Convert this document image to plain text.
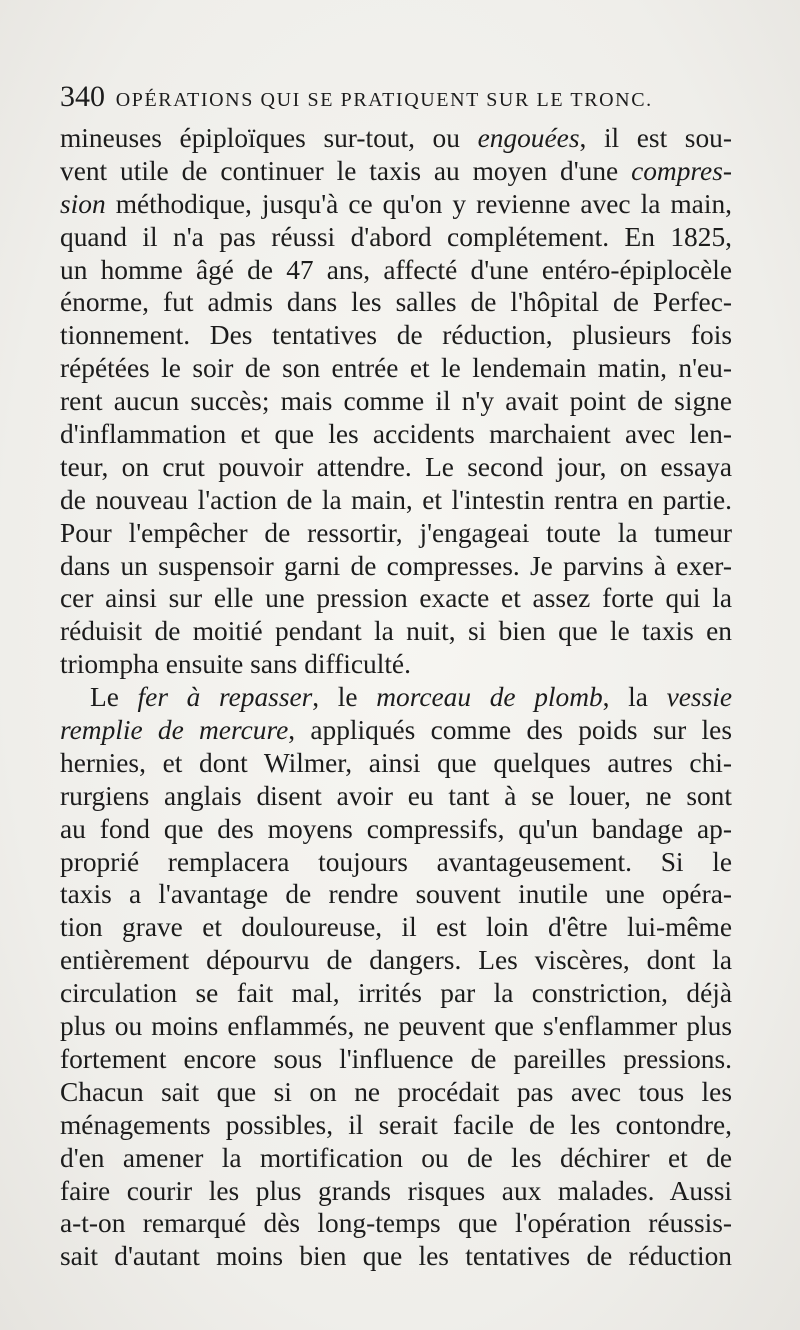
340 OPÉRATIONS QUI SE PRATIQUENT SUR LE TRONC.
mineuses épiploïques sur-tout, ou engouées, il est sou-
vent utile de continuer le taxis au moyen d'une compres-
sion méthodique, jusqu'à ce qu'on y revienne avec la main,
quand il n'a pas réussi d'abord complétement. En 1825,
un homme âgé de 47 ans, affecté d'une entéro-épiplocèle
énorme, fut admis dans les salles de l'hôpital de Perfec-
tionnement. Des tentatives de réduction, plusieurs fois
répétées le soir de son entrée et le lendemain matin, n'eu-
rent aucun succès; mais comme il n'y avait point de signe
d'inflammation et que les accidents marchaient avec len-
teur, on crut pouvoir attendre. Le second jour, on essaya
de nouveau l'action de la main, et l'intestin rentra en partie.
Pour l'empêcher de ressortir, j'engageai toute la tumeur
dans un suspensoir garni de compresses. Je parvins à exer-
cer ainsi sur elle une pression exacte et assez forte qui la
réduisit de moitié pendant la nuit, si bien que le taxis en
triompha ensuite sans difficulté.
Le fer à repasser, le morceau de plomb, la vessie
remplie de mercure, appliqués comme des poids sur les
hernies, et dont Wilmer, ainsi que quelques autres chi-
rurgiens anglais disent avoir eu tant à se louer, ne sont
au fond que des moyens compressifs, qu'un bandage ap-
proprié remplacera toujours avantageusement. Si le
taxis a l'avantage de rendre souvent inutile une opéra-
tion grave et douloureuse, il est loin d'être lui-même
entièrement dépourvu de dangers. Les viscères, dont la
circulation se fait mal, irrités par la constriction, déjà
plus ou moins enflammés, ne peuvent que s'enflammer plus
fortement encore sous l'influence de pareilles pressions.
Chacun sait que si on ne procédait pas avec tous les
ménagements possibles, il serait facile de les contondre,
d'en amener la mortification ou de les déchirer et de
faire courir les plus grands risques aux malades. Aussi
a-t-on remarqué dès long-temps que l'opération réussis-
sait d'autant moins bien que les tentatives de réduction
